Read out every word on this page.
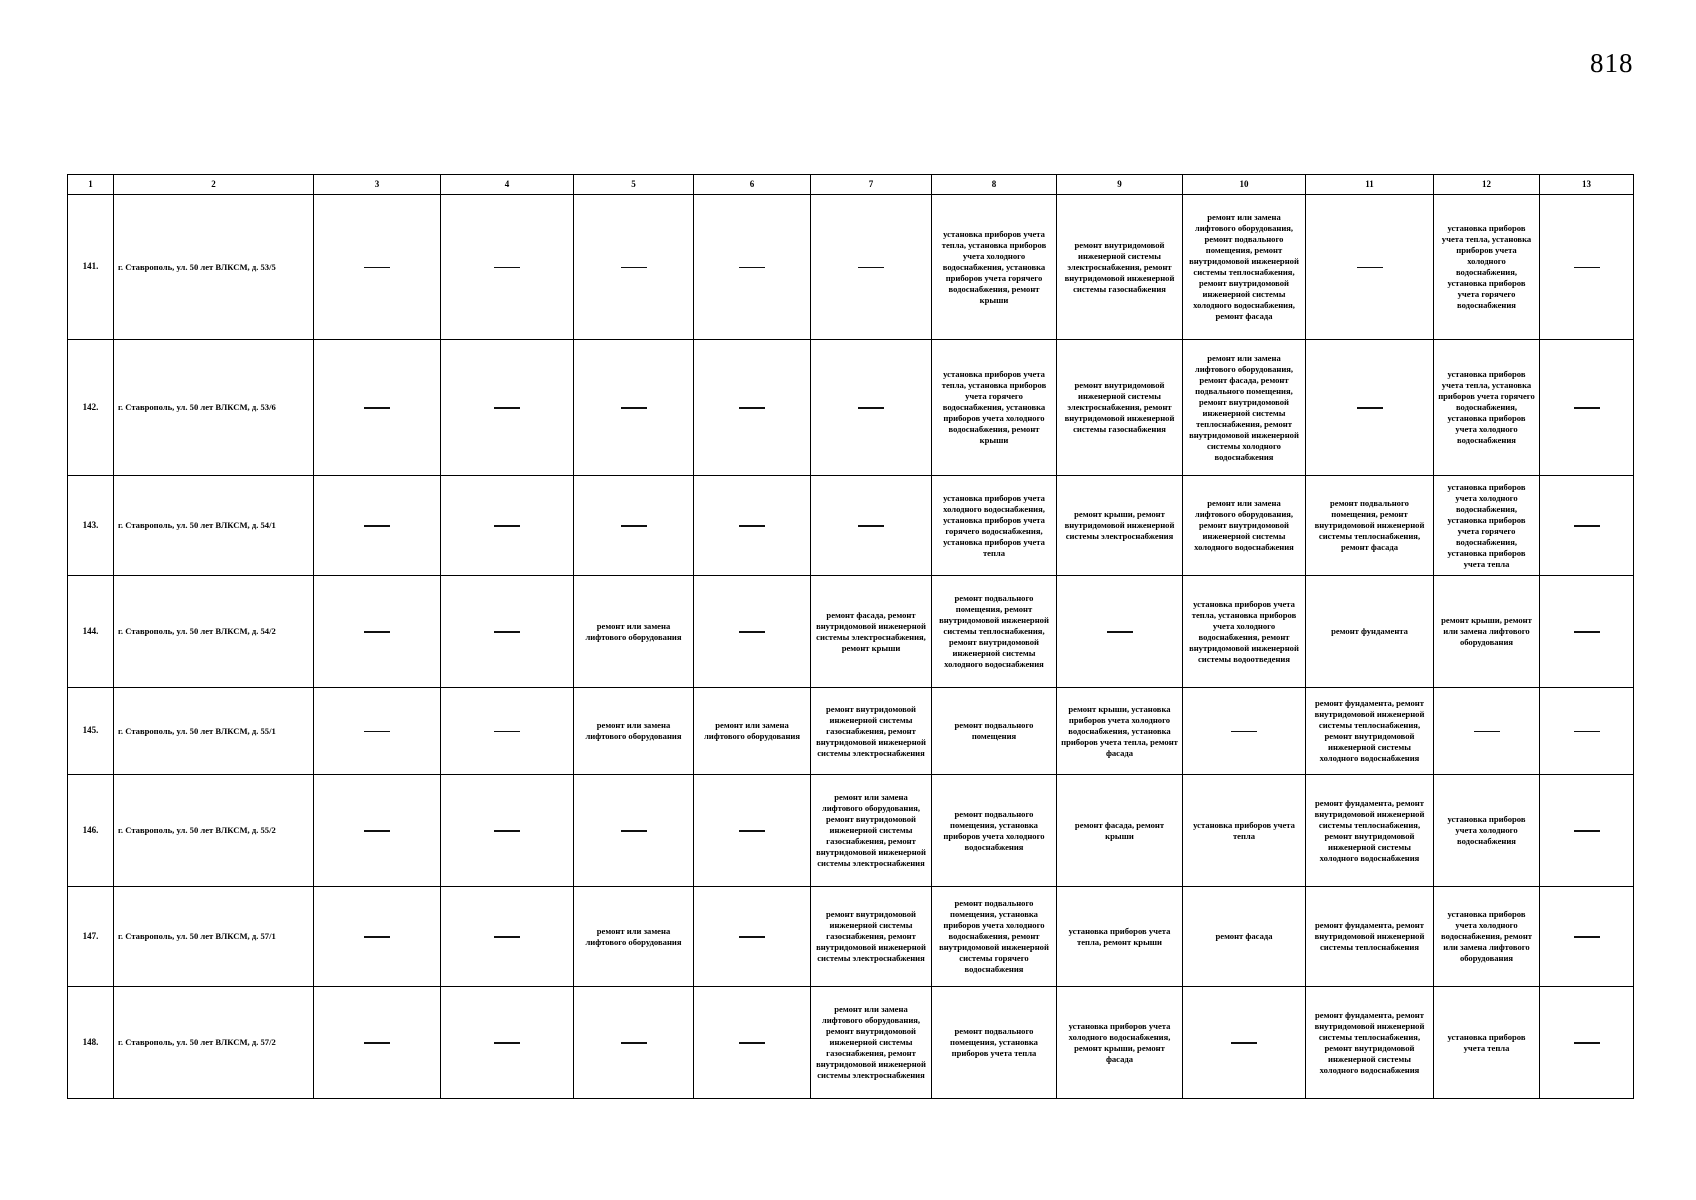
818
1	2	3	4	5	6	7	8	9	10	11	12	13
141.	г. Ставрополь, ул. 50 лет ВЛКСМ, д. 53/5						установка приборов учета тепла, установка приборов учета холодного водоснабжения, установка приборов учета горячего водоснабжения, ремонт крыши	ремонт внутридомовой инженерной системы электроснабжения, ремонт внутридомовой инженерной системы газоснабжения	ремонт или замена лифтового оборудования, ремонт подвального помещения, ремонт внутридомовой инженерной системы теплоснабжения, ремонт внутридомовой инженерной системы холодного водоснабжения, ремонт фасада		установка приборов учета тепла, установка приборов учета холодного водоснабжения, установка приборов учета горячего водоснабжения	
142.	г. Ставрополь, ул. 50 лет ВЛКСМ, д. 53/6						установка приборов учета тепла, установка приборов учета горячего водоснабжения, установка приборов учета холодного водоснабжения, ремонт крыши	ремонт внутридомовой инженерной системы электроснабжения, ремонт внутридомовой инженерной системы газоснабжения	ремонт или замена лифтового оборудования, ремонт фасада, ремонт подвального помещения, ремонт внутридомовой инженерной системы теплоснабжения, ремонт внутридомовой инженерной системы холодного водоснабжения		установка приборов учета тепла, установка приборов учета горячего водоснабжения, установка приборов учета холодного водоснабжения	
143.	г. Ставрополь, ул. 50 лет ВЛКСМ, д. 54/1						установка приборов учета холодного водоснабжения, установка приборов учета горячего водоснабжения, установка приборов учета тепла	ремонт крыши, ремонт внутридомовой инженерной системы электроснабжения	ремонт или замена лифтового оборудования, ремонт внутридомовой инженерной системы холодного водоснабжения	ремонт подвального помещения, ремонт внутридомовой инженерной системы теплоснабжения, ремонт фасада	установка приборов учета холодного водоснабжения, установка приборов учета горячего водоснабжения, установка приборов учета тепла	
144.	г. Ставрополь, ул. 50 лет ВЛКСМ, д. 54/2			ремонт или замена лифтового оборудования		ремонт фасада, ремонт внутридомовой инженерной системы электроснабжения, ремонт крыши	ремонт подвального помещения, ремонт внутридомовой инженерной системы теплоснабжения, ремонт внутридомовой инженерной системы холодного водоснабжения		установка приборов учета тепла, установка приборов учета холодного водоснабжения, ремонт внутридомовой инженерной системы водоотведения	ремонт фундамента	ремонт крыши, ремонт или замена лифтового оборудования	
145.	г. Ставрополь, ул. 50 лет ВЛКСМ, д. 55/1			ремонт или замена лифтового оборудования	ремонт или замена лифтового оборудования	ремонт внутридомовой инженерной системы газоснабжения, ремонт внутридомовой инженерной системы электроснабжения	ремонт подвального помещения	ремонт крыши, установка приборов учета холодного водоснабжения, установка приборов учета тепла, ремонт фасада		ремонт фундамента, ремонт внутридомовой инженерной системы теплоснабжения, ремонт внутридомовой инженерной системы холодного водоснабжения		
146.	г. Ставрополь, ул. 50 лет ВЛКСМ, д. 55/2					ремонт или замена лифтового оборудования, ремонт внутридомовой инженерной системы газоснабжения, ремонт внутридомовой инженерной системы электроснабжения	ремонт подвального помещения, установка приборов учета холодного водоснабжения	ремонт фасада, ремонт крыши	установка приборов учета тепла	ремонт фундамента, ремонт внутридомовой инженерной системы теплоснабжения, ремонт внутридомовой инженерной системы холодного водоснабжения	установка приборов учета холодного водоснабжения	
147.	г. Ставрополь, ул. 50 лет ВЛКСМ, д. 57/1			ремонт или замена лифтового оборудования		ремонт внутридомовой инженерной системы газоснабжения, ремонт внутридомовой инженерной системы электроснабжения	ремонт подвального помещения, установка приборов учета холодного водоснабжения, ремонт внутридомовой инженерной системы горячего водоснабжения	установка приборов учета тепла, ремонт крыши	ремонт фасада	ремонт фундамента, ремонт внутридомовой инженерной системы теплоснабжения	установка приборов учета холодного водоснабжения, ремонт или замена лифтового оборудования	
148.	г. Ставрополь, ул. 50 лет ВЛКСМ, д. 57/2					ремонт или замена лифтового оборудования, ремонт внутридомовой инженерной системы газоснабжения, ремонт внутридомовой инженерной системы электроснабжения	ремонт подвального помещения, установка приборов учета тепла	установка приборов учета холодного водоснабжения, ремонт крыши, ремонт фасада		ремонт фундамента, ремонт внутридомовой инженерной системы теплоснабжения, ремонт внутридомовой инженерной системы холодного водоснабжения	установка приборов учета тепла	
